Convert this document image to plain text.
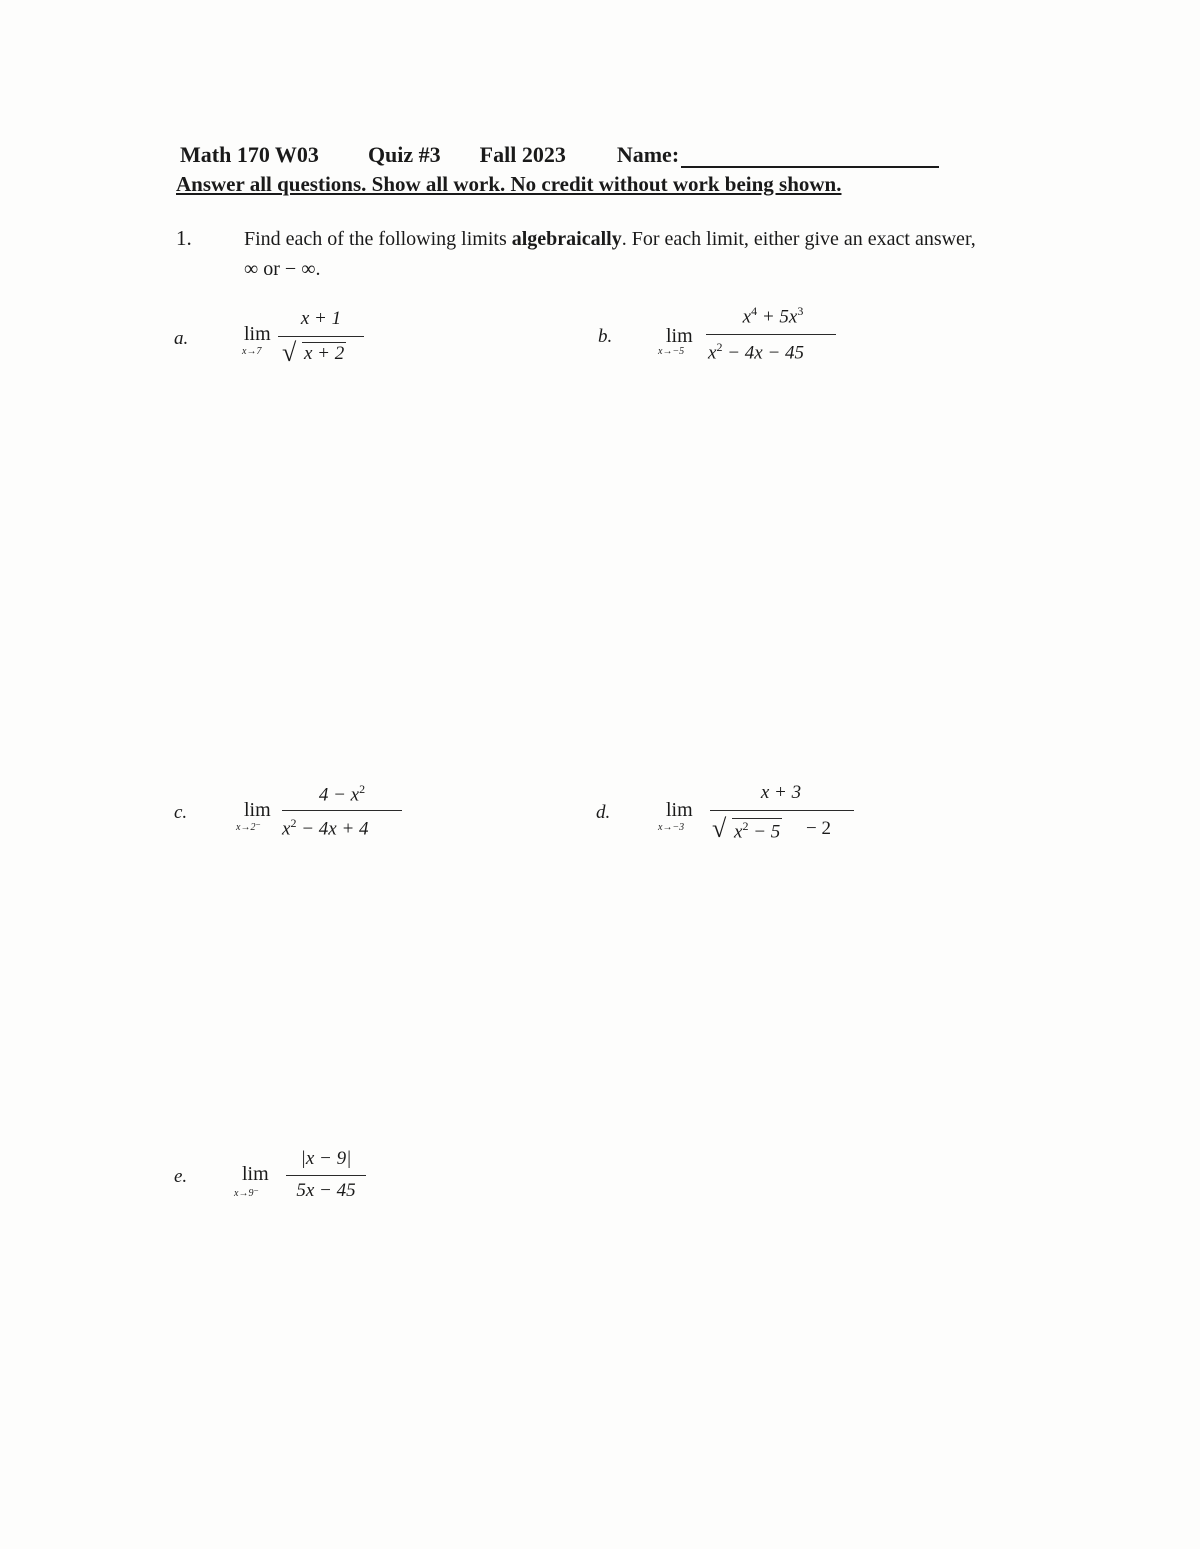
Math 170 W03 Quiz #3 Fall 2023 Name:
Answer all questions. Show all work. No credit without work being shown.
1.	Find each of the following limits algebraically. For each limit, either give an exact answer, ∞ or − ∞.
a.	lim
x→7
x + 1
√ x + 2
b.	lim
x→−5
$x^4 + 5x^3$
$x^2 - 4x - 45$
c.	lim
x→2⁻
$4 - x^2$
$x^2 - 4x + 4$
d.	lim
x→−3
x + 3
√ $x^2 - 5 - 2$
e.	lim
x→9⁻
|x − 9|
5x − 45
